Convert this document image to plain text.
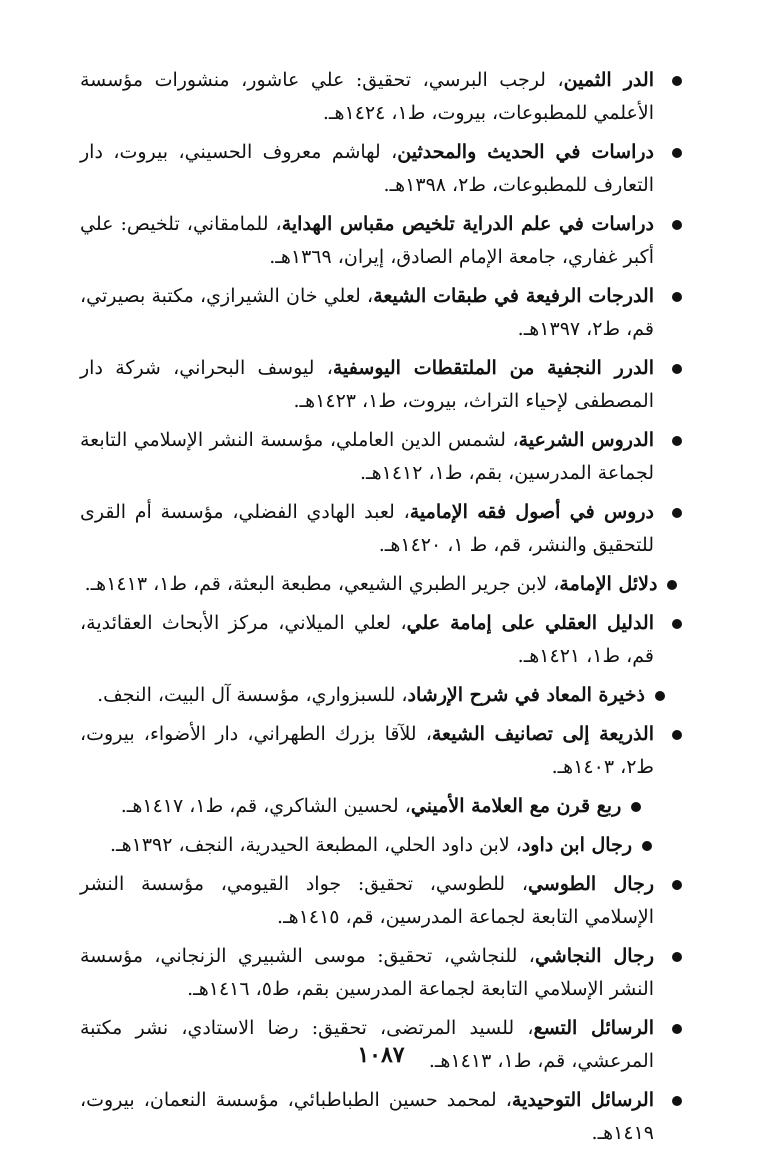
الدر الثمين، لرجب البرسي، تحقيق: علي عاشور، منشورات مؤسسة الأعلمي للمطبوعات، بيروت، ط١، ١٤٢٤هـ.
دراسات في الحديث والمحدثين، لهاشم معروف الحسيني، بيروت، دار التعارف للمطبوعات، ط٢، ١٣٩٨هـ.
دراسات في علم الدراية تلخيص مقباس الهداية، للمامقاني، تلخيص: علي أكبر غفاري، جامعة الإمام الصادق، إيران، ١٣٦٩هـ.
الدرجات الرفيعة في طبقات الشيعة، لعلي خان الشيرازي، مكتبة بصيرتي، قم، ط٢، ١٣٩٧هـ.
الدرر النجفية من الملتقطات اليوسفية، ليوسف البحراني، شركة دار المصطفى لإحياء التراث، بيروت، ط١، ١٤٢٣هـ.
الدروس الشرعية، لشمس الدين العاملي، مؤسسة النشر الإسلامي التابعة لجماعة المدرسين، بقم، ط١، ١٤١٢هـ.
دروس في أصول فقه الإمامية، لعبد الهادي الفضلي، مؤسسة أم القرى للتحقيق والنشر، قم، ط ١، ١٤٢٠هـ.
دلائل الإمامة، لابن جرير الطبري الشيعي، مطبعة البعثة، قم، ط١، ١٤١٣هـ.
الدليل العقلي على إمامة علي، لعلي الميلاني، مركز الأبحاث العقائدية، قم، ط١، ١٤٢١هـ.
ذخيرة المعاد في شرح الإرشاد، للسبزواري، مؤسسة آل البيت، النجف.
الذريعة إلى تصانيف الشيعة، للآقا بزرك الطهراني، دار الأضواء، بيروت، ط٢، ١٤٠٣هـ.
ربع قرن مع العلامة الأميني، لحسين الشاكري، قم، ط١، ١٤١٧هـ.
رجال ابن داود، لابن داود الحلي، المطبعة الحيدرية، النجف، ١٣٩٢هـ.
رجال الطوسي، للطوسي، تحقيق: جواد القيومي، مؤسسة النشر الإسلامي التابعة لجماعة المدرسين، قم، ١٤١٥هـ.
رجال النجاشي، للنجاشي، تحقيق: موسى الشبيري الزنجاني، مؤسسة النشر الإسلامي التابعة لجماعة المدرسين بقم، ط٥، ١٤١٦هـ.
الرسائل التسع، للسيد المرتضى، تحقيق: رضا الاستادي، نشر مكتبة المرعشي، قم، ط١، ١٤١٣هـ.
الرسائل التوحيدية، لمحمد حسين الطباطبائي، مؤسسة النعمان، بيروت، ١٤١٩هـ.
١٠٨٧
